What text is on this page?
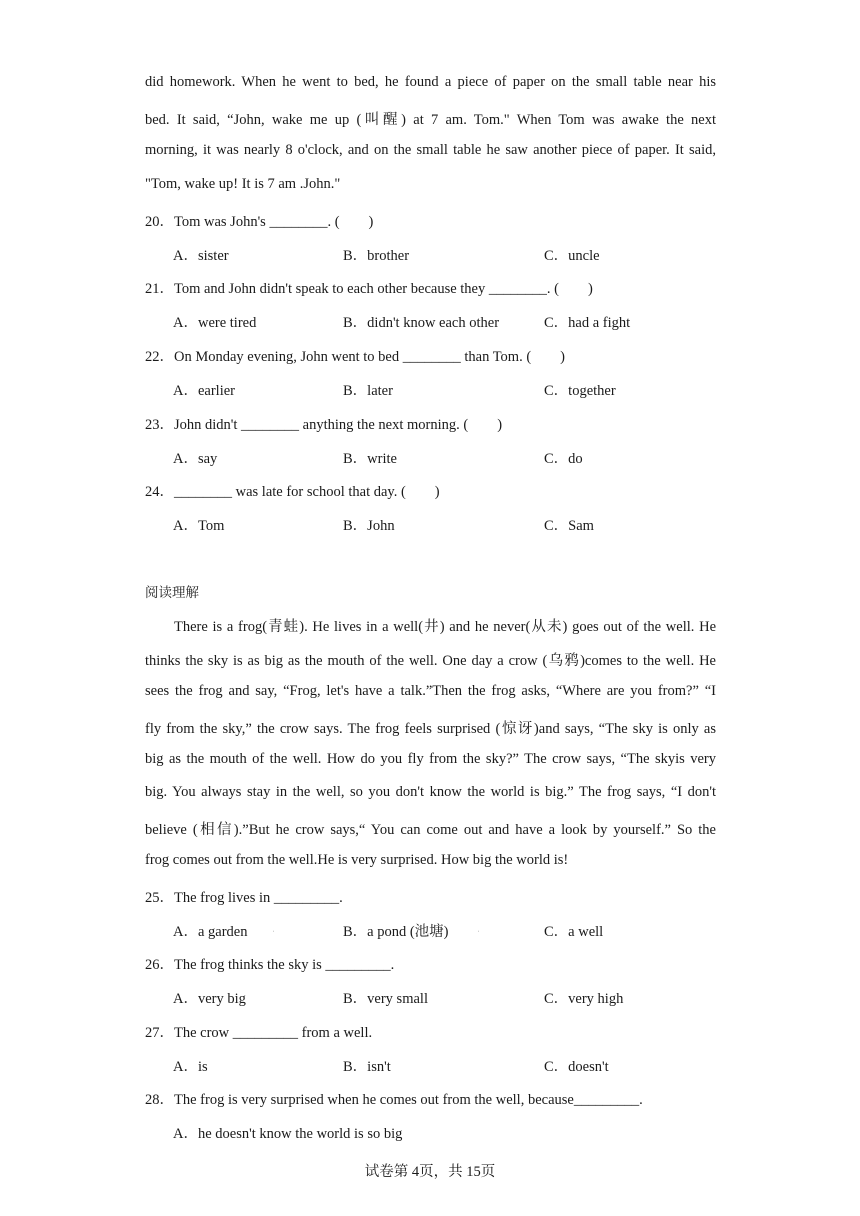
did homework. When he went to bed, he found a piece of paper on the small table near his
bed. It said, “John, wake me up (叫醒) at 7 am. Tom." When Tom was awake the next
morning, it was nearly 8 o'clock, and on the small table he saw another piece of paper. It said,
"Tom, wake up! It is 7 am .John."
20．Tom was John's ________. (　　)
A．sister	B．brother	C．uncle
21．Tom and John didn't speak to each other because they ________. (　　)
A．were tired	B．didn't know each other	C．had a fight
22．On Monday evening, John went to bed ________ than Tom. (　　)
A．earlier	B．later	C．together
23．John didn't ________ anything the next morning. (　　)
A．say	B．write	C．do
24．________ was late for school that day. (　　)
A．Tom	B．John	C．Sam
阅读理解
There is a frog(青蛙). He lives in a well(井) and he never(从未) goes out of the well. He
thinks the sky is as big as the mouth of the well. One day a crow (乌鸦)comes to the well. He
sees the frog and say, “Frog, let's have a talk.”Then the frog asks, “Where are you from?” “I
fly from the sky,” the crow says. The frog feels surprised (惊讶)and says, “The sky is only as
big as the mouth of the well. How do you fly from the sky?” The crow says, “The skyis very
big. You always stay in the well, so you don't know the world is big.” The frog says, “I don't
believe (相信).”But he crow says,“ You can come out and have a look by yourself.” So the
frog comes out from the well.He is very surprised. How big the world is!
25．The frog lives in _________.
A．a garden	ˌ	B．a pond (池塘)	ˌ	C．a well
26．The frog thinks the sky is _________.
A．very big	B．very small	C．very high
27．The crow _________ from a well.
A．is	B．isn't	C．doesn't
28．The frog is very surprised when he comes out from the well, because_________.
A．he doesn't know the world is so big
试卷第 4页，共 15页
